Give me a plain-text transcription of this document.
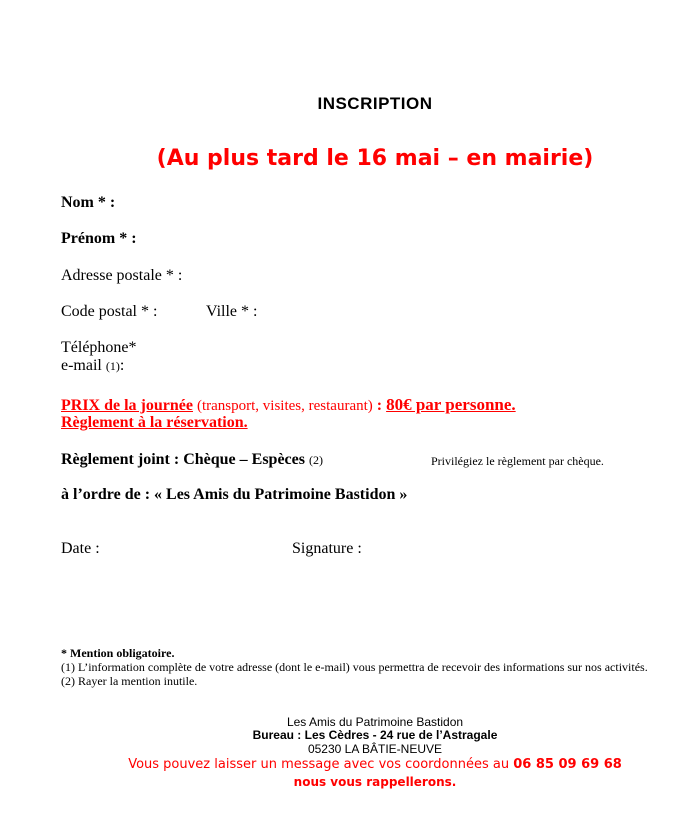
INSCRIPTION
(Au plus tard le 16 mai – en mairie)
Nom * :
Prénom * :
Adresse postale * :
Code postal * :	Ville * :
Téléphone*
e-mail (1):
PRIX de la journée (transport, visites, restaurant) : 80€ par personne.
Règlement à la réservation.
Règlement joint : Chèque – Espèces (2)	Privilégiez le règlement par chèque.
à l’ordre de : « Les Amis du Patrimoine Bastidon »
Date :	Signature :
* Mention obligatoire.
(1) L’information complète de votre adresse (dont le e-mail) vous permettra de recevoir des informations sur nos activités.
(2) Rayer la mention inutile.
Les Amis du Patrimoine Bastidon
Bureau : Les Cèdres - 24 rue de l’Astragale
05230 LA BÂTIE-NEUVE
Vous pouvez laisser un message avec vos coordonnées au 06 85 09 69 68
nous vous rappellerons.
